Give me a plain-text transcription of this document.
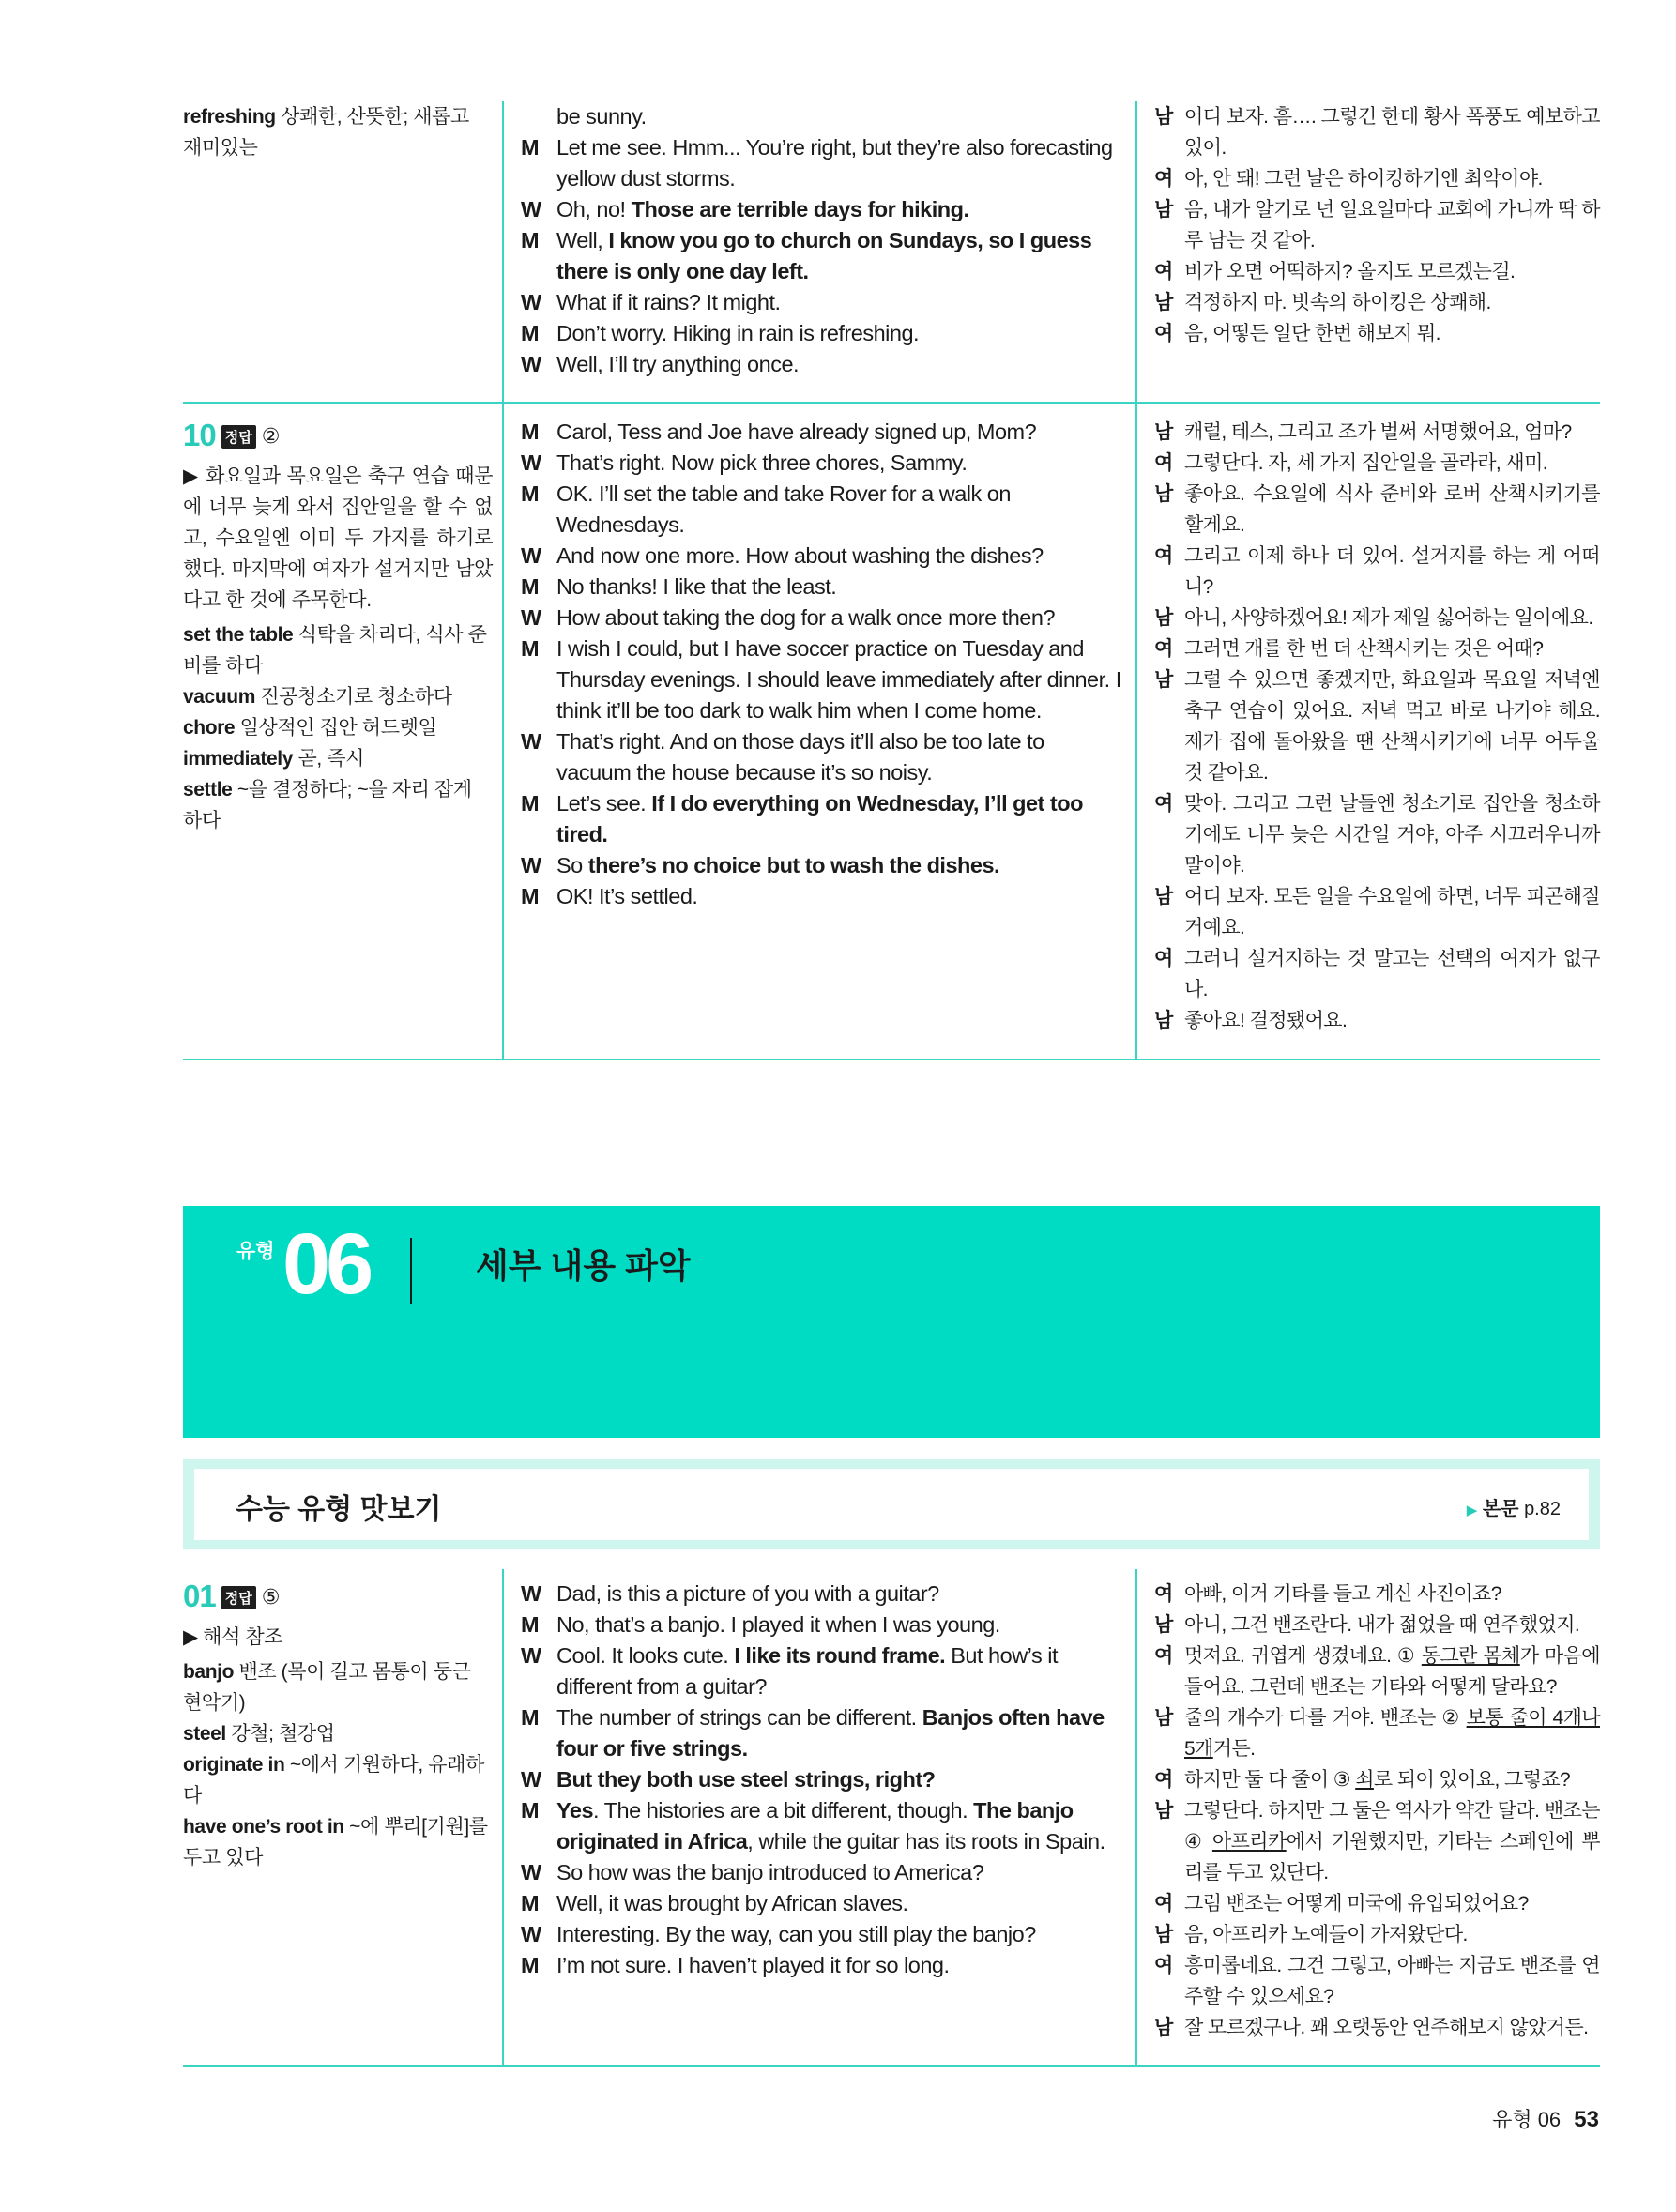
refreshing 상쾌한, 산뜻한; 새롭고 재미있는

be sunny.
M Let me see. Hmm... You’re right, but they’re also forecasting yellow dust storms.
W Oh, no! Those are terrible days for hiking.
M Well, I know you go to church on Sundays, so I guess there is only one day left.
W What if it rains? It might.
M Don’t worry. Hiking in rain is refreshing.
W Well, I’ll try anything once.
남 어디 보자. 흠…. 그렇긴 한데 황사 폭풍도 예보하고 있어.
여 아, 안 돼! 그런 날은 하이킹하기엔 최악이야.
남 음, 내가 알기로 넌 일요일마다 교회에 가니까 딱 하루 남는 것 같아.
여 비가 오면 어떡하지? 올지도 모르겠는걸.
남 걱정하지 마. 빗속의 하이킹은 상쾌해.
여 음, 어떻든 일단 한번 해보지 뭐.
10 정답 ②

▶ 화요일과 목요일은 축구 연습 때문에 너무 늦게 와서 집안일을 할 수 없고, 수요일엔 이미 두 가지를 하기로 했다. 마지막에 여자가 설거지만 남았다고 한 것에 주목한다.

set the table 식탁을 차리다, 식사 준비를 하다

vacuum 진공청소기로 청소하다

chore 일상적인 집안 허드렛일

immediately 곧, 즉시

settle ~을 결정하다; ~을 자리 잡게 하다

M Carol, Tess and Joe have already signed up, Mom?
W That’s right. Now pick three chores, Sammy.
M OK. I’ll set the table and take Rover for a walk on Wednesdays.
W And now one more. How about washing the dishes?
M No thanks! I like that the least.
W How about taking the dog for a walk once more then?
M I wish I could, but I have soccer practice on Tuesday and Thursday evenings. I should leave immediately after dinner. I think it’ll be too dark to walk him when I come home.
W That’s right. And on those days it’ll also be too late to vacuum the house because it’s so noisy.
M Let’s see. If I do everything on Wednesday, I’ll get too tired.
W So there’s no choice but to wash the dishes.
M OK! It’s settled.
남 캐럴, 테스, 그리고 조가 벌써 서명했어요, 엄마?
여 그렇단다. 자, 세 가지 집안일을 골라라, 새미.
남 좋아요. 수요일에 식사 준비와 로버 산책시키기를 할게요.
여 그리고 이제 하나 더 있어. 설거지를 하는 게 어떠니?
남 아니, 사양하겠어요! 제가 제일 싫어하는 일이에요.
여 그러면 개를 한 번 더 산책시키는 것은 어때?
남 그럴 수 있으면 좋겠지만, 화요일과 목요일 저녁엔 축구 연습이 있어요. 저녁 먹고 바로 나가야 해요. 제가 집에 돌아왔을 땐 산책시키기에 너무 어두울 것 같아요.
여 맞아. 그리고 그런 날들엔 청소기로 집안을 청소하기에도 너무 늦은 시간일 거야, 아주 시끄러우니까 말이야.
남 어디 보자. 모든 일을 수요일에 하면, 너무 피곤해질 거예요.
여 그러니 설거지하는 것 말고는 선택의 여지가 없구나.
남 좋아요! 결정됐어요.
유형 06	세부 내용 파악
수능 유형 맛보기	▶ 본문 p.82
01 정답 ⑤

▶ 해석 참조

banjo 밴조 (목이 길고 몸통이 둥근 현악기)

steel 강철; 철강업

originate in ~에서 기원하다, 유래하다

have one’s root in ~에 뿌리[기원]를 두고 있다

W Dad, is this a picture of you with a guitar?
M No, that’s a banjo. I played it when I was young.
W Cool. It looks cute. I like its round frame. But how’s it different from a guitar?
M The number of strings can be different. Banjos often have four or five strings.
W But they both use steel strings, right?
M Yes. The histories are a bit different, though. The banjo originated in Africa, while the guitar has its roots in Spain.
W So how was the banjo introduced to America?
M Well, it was brought by African slaves.
W Interesting. By the way, can you still play the banjo?
M I’m not sure. I haven’t played it for so long.
여 아빠, 이거 기타를 들고 계신 사진이죠?
남 아니, 그건 밴조란다. 내가 젊었을 때 연주했었지.
여 멋져요. 귀엽게 생겼네요. ① 동그란 몸체가 마음에 들어요. 그런데 밴조는 기타와 어떻게 달라요?
남 줄의 개수가 다를 거야. 밴조는 ② 보통 줄이 4개나 5개거든.
여 하지만 둘 다 줄이 ③ 쇠로 되어 있어요, 그렇죠?
남 그렇단다. 하지만 그 둘은 역사가 약간 달라. 밴조는 ④ 아프리카에서 기원했지만, 기타는 스페인에 뿌리를 두고 있단다.
여 그럼 밴조는 어떻게 미국에 유입되었어요?
남 음, 아프리카 노예들이 가져왔단다.
여 흥미롭네요. 그건 그렇고, 아빠는 지금도 밴조를 연주할 수 있으세요?
남 잘 모르겠구나. 꽤 오랫동안 연주해보지 않았거든.
유형 06 53
